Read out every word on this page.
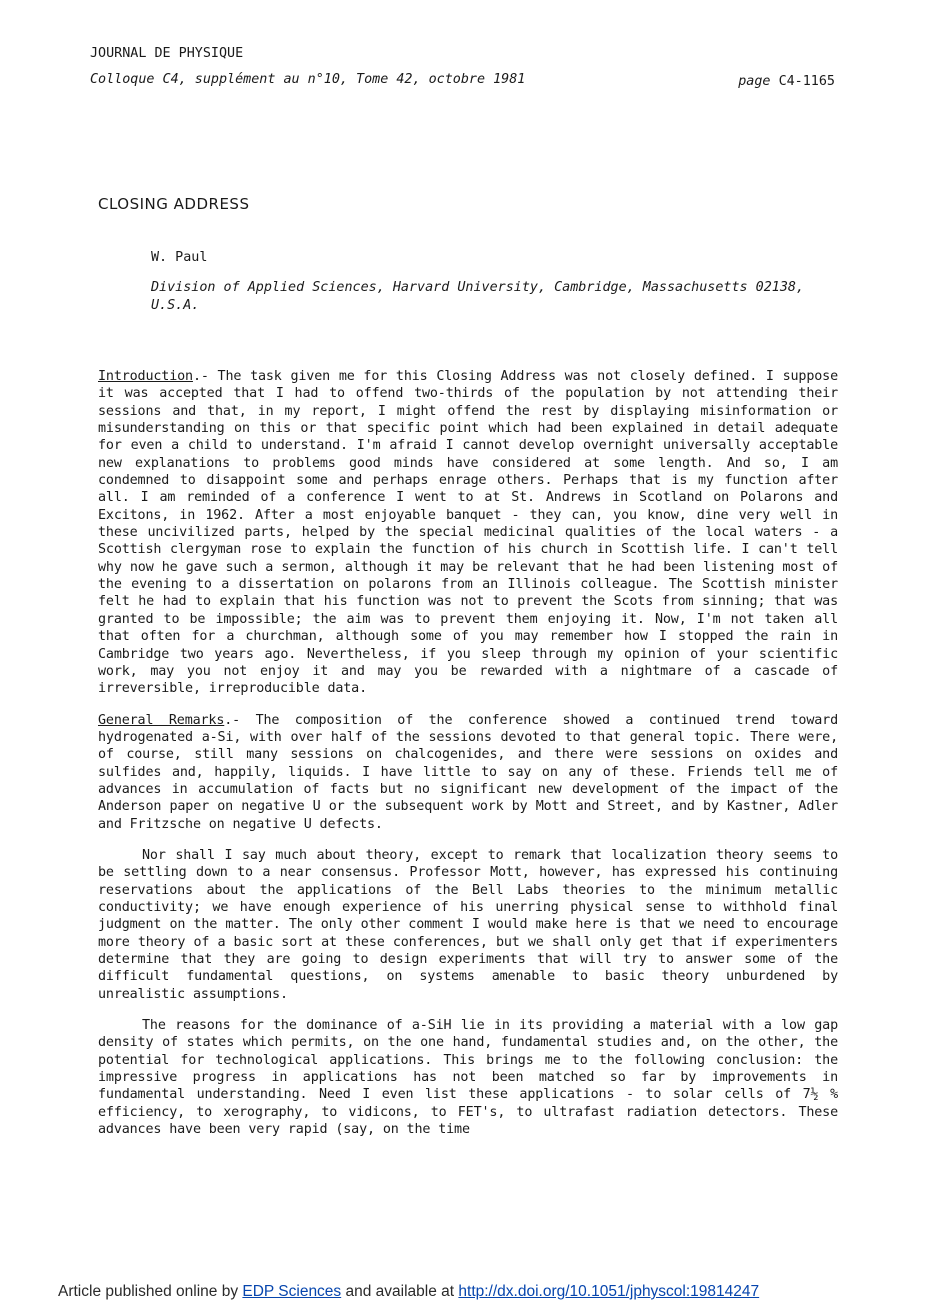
JOURNAL DE PHYSIQUE
Colloque C4, supplément au n°10, Tome 42, octobre 1981	page C4-1165
CLOSING ADDRESS
W. Paul
Division of Applied Sciences, Harvard University, Cambridge, Massachusetts 02138, U.S.A.

Introduction.- The task given me for this Closing Address was not closely defined. I suppose it was accepted that I had to offend two-thirds of the population by not attending their sessions and that, in my report, I might offend the rest by displaying misinformation or misunderstanding on this or that specific point which had been explained in detail adequate for even a child to understand. I'm afraid I cannot develop overnight universally acceptable new explanations to problems good minds have considered at some length. And so, I am condemned to disappoint some and perhaps enrage others. Perhaps that is my function after all. I am reminded of a conference I went to at St. Andrews in Scotland on Polarons and Excitons, in 1962. After a most enjoyable banquet - they can, you know, dine very well in these uncivilized parts, helped by the special medicinal qualities of the local waters - a Scottish clergyman rose to explain the function of his church in Scottish life. I can't tell why now he gave such a sermon, although it may be relevant that he had been listening most of the evening to a dissertation on polarons from an Illinois colleague. The Scottish minister felt he had to explain that his function was not to prevent the Scots from sinning; that was granted to be impossible; the aim was to prevent them enjoying it. Now, I'm not taken all that often for a churchman, although some of you may remember how I stopped the rain in Cambridge two years ago. Nevertheless, if you sleep through my opinion of your scientific work, may you not enjoy it and may you be rewarded with a nightmare of a cascade of irreversible, irreproducible data.

General Remarks.- The composition of the conference showed a continued trend toward hydrogenated a-Si, with over half of the sessions devoted to that general topic. There were, of course, still many sessions on chalcogenides, and there were sessions on oxides and sulfides and, happily, liquids. I have little to say on any of these. Friends tell me of advances in accumulation of facts but no significant new development of the impact of the Anderson paper on negative U or the subsequent work by Mott and Street, and by Kastner, Adler and Fritzsche on negative U defects.

Nor shall I say much about theory, except to remark that localization theory seems to be settling down to a near consensus. Professor Mott, however, has expressed his continuing reservations about the applications of the Bell Labs theories to the minimum metallic conductivity; we have enough experience of his unerring physical sense to withhold final judgment on the matter. The only other comment I would make here is that we need to encourage more theory of a basic sort at these conferences, but we shall only get that if experimenters determine that they are going to design experiments that will try to answer some of the difficult fundamental questions, on systems amenable to basic theory unburdened by unrealistic assumptions.

The reasons for the dominance of a-SiH lie in its providing a material with a low gap density of states which permits, on the one hand, fundamental studies and, on the other, the potential for technological applications. This brings me to the following conclusion: the impressive progress in applications has not been matched so far by improvements in fundamental understanding. Need I even list these applications - to solar cells of 7½ % efficiency, to xerography, to vidicons, to FET's, to ultrafast radiation detectors. These advances have been very rapid (say, on the time

Article published online by EDP Sciences and available at http://dx.doi.org/10.1051/jphyscol:19814247
